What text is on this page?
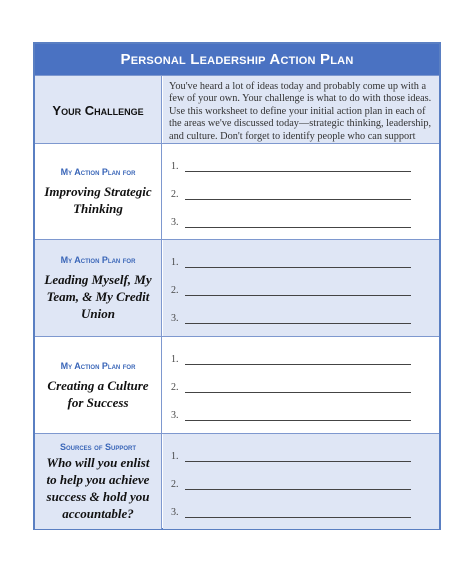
Personal Leadership Action Plan
Your Challenge
You've heard a lot of ideas today and probably come up with a few of your own. Your challenge is what to do with those ideas. Use this worksheet to define your initial action plan in each of the areas we've discussed today—strategic thinking, leadership, and culture. Don't forget to identify people who can support
My Action Plan for
Improving Strategic Thinking
1.
2.
3.
My Action Plan for
Leading Myself, My Team, & My Credit Union
1.
2.
3.
My Action Plan for
Creating a Culture for Success
1.
2.
3.
Sources of Support
Who will you enlist to help you achieve success & hold you accountable?
1.
2.
3.
